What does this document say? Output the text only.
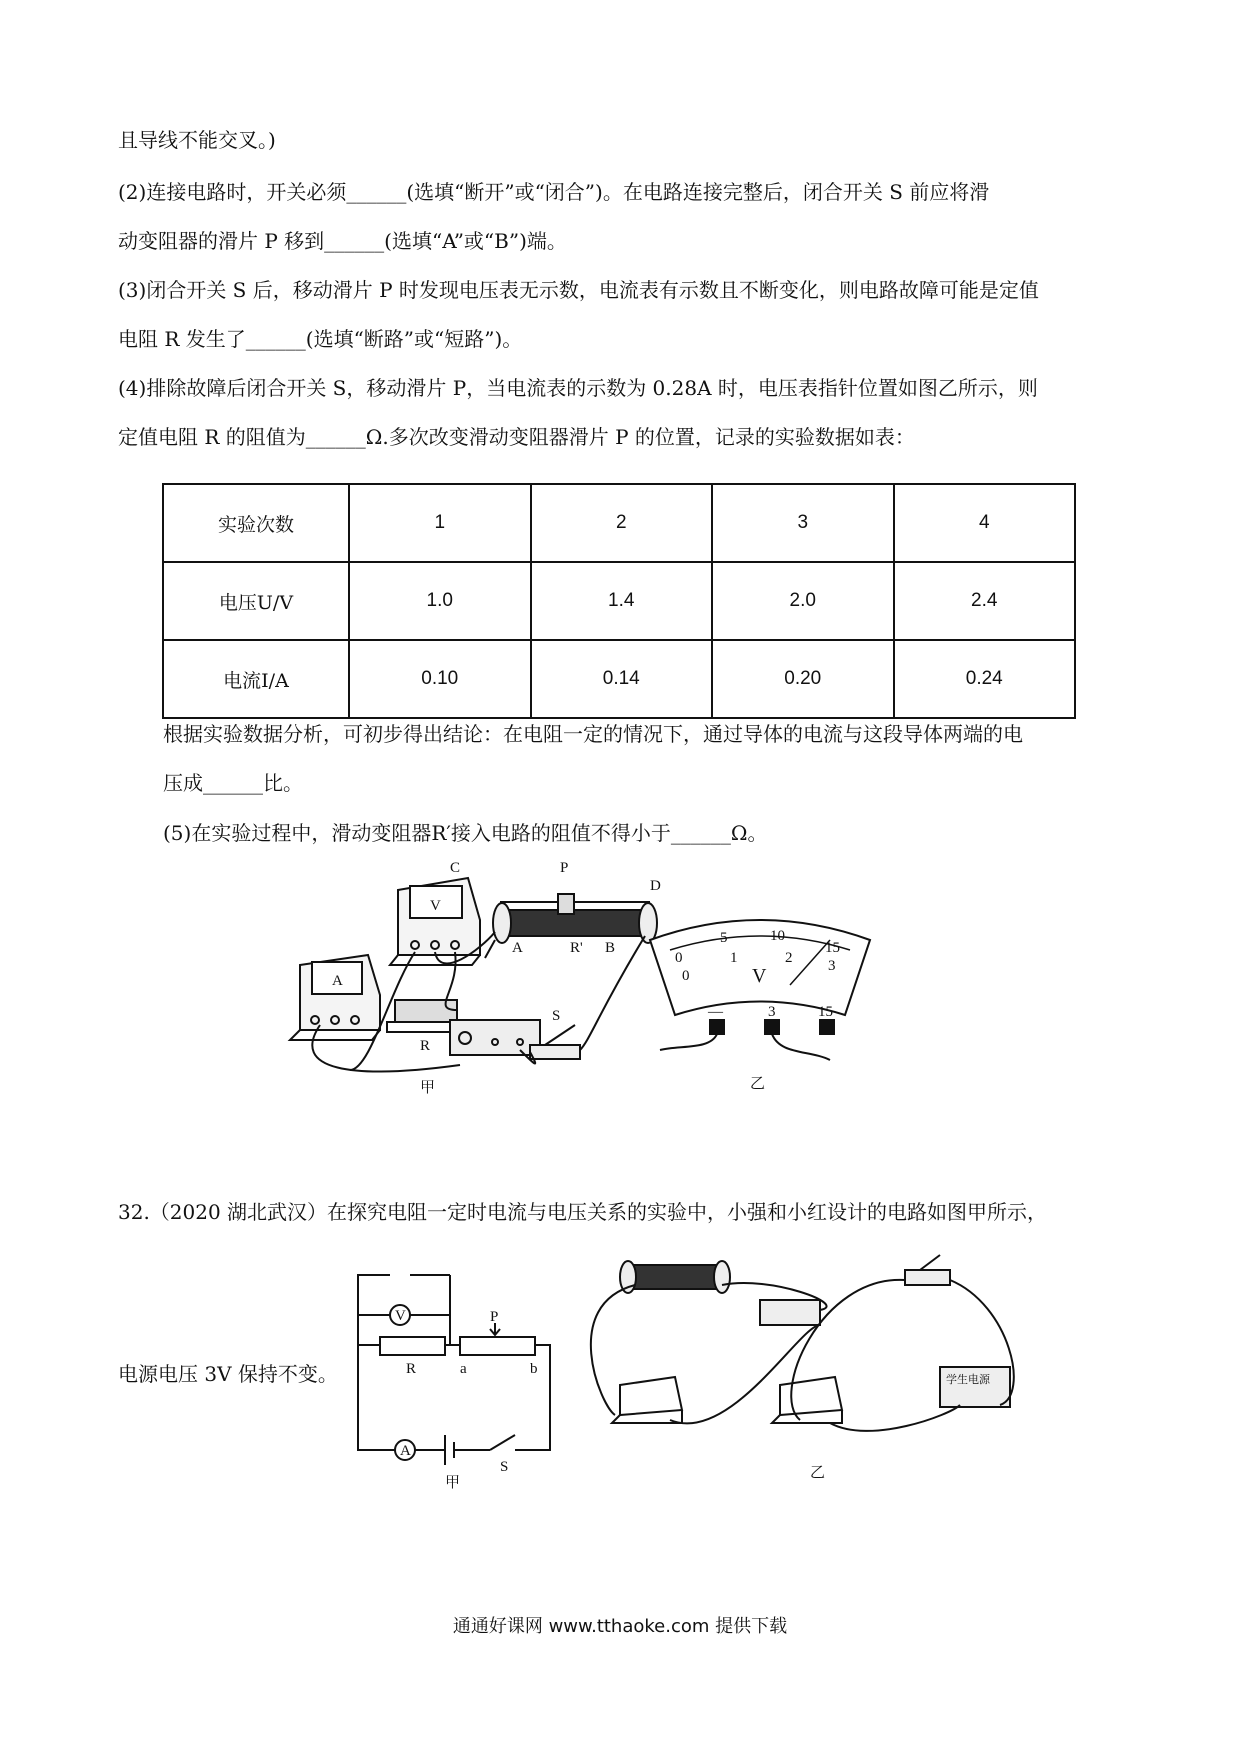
且导线不能交叉。)
(2)连接电路时，开关必须______(选填“断开”或“闭合”)。在电路连接完整后，闭合开关 S 前应将滑
动变阻器的滑片 P 移到______(选填“A”或“B”)端。
(3)闭合开关 S 后，移动滑片 P 时发现电压表无示数，电流表有示数且不断变化，则电路故障可能是定值
电阻 R 发生了______(选填“断路”或“短路”)。
(4)排除故障后闭合开关 S，移动滑片 P，当电流表的示数为 0.28A 时，电压表指针位置如图乙所示，则
定值电阻 R 的阻值为______Ω.多次改变滑动变阻器滑片 P 的位置，记录的实验数据如表：
实验次数	1	2	3	4
电压U/V	1.0	1.4	2.0	2.4
电流I/A	0.10	0.14	0.20	0.24
根据实验数据分析，可初步得出结论：在电阻一定的情况下，通过导体的电流与这段导体两端的电
压成______比。
(5)在实验过程中，滑动变阻器R′接入电路的阻值不得小于______Ω。
C	P
D
A	R' B
R
S
V
A
甲	乙
0
5	10
15
0
1	2 3
V
—	3	15
32.（2020 湖北武汉）在探究电阻一定时电流与电压关系的实验中，小强和小红设计的电路如图甲所示，
电源电压 3V 保持不变。
V	P
R	a	b
A
S
甲
乙
学生电源
通通好课网 www.tthaoke.com 提供下载
